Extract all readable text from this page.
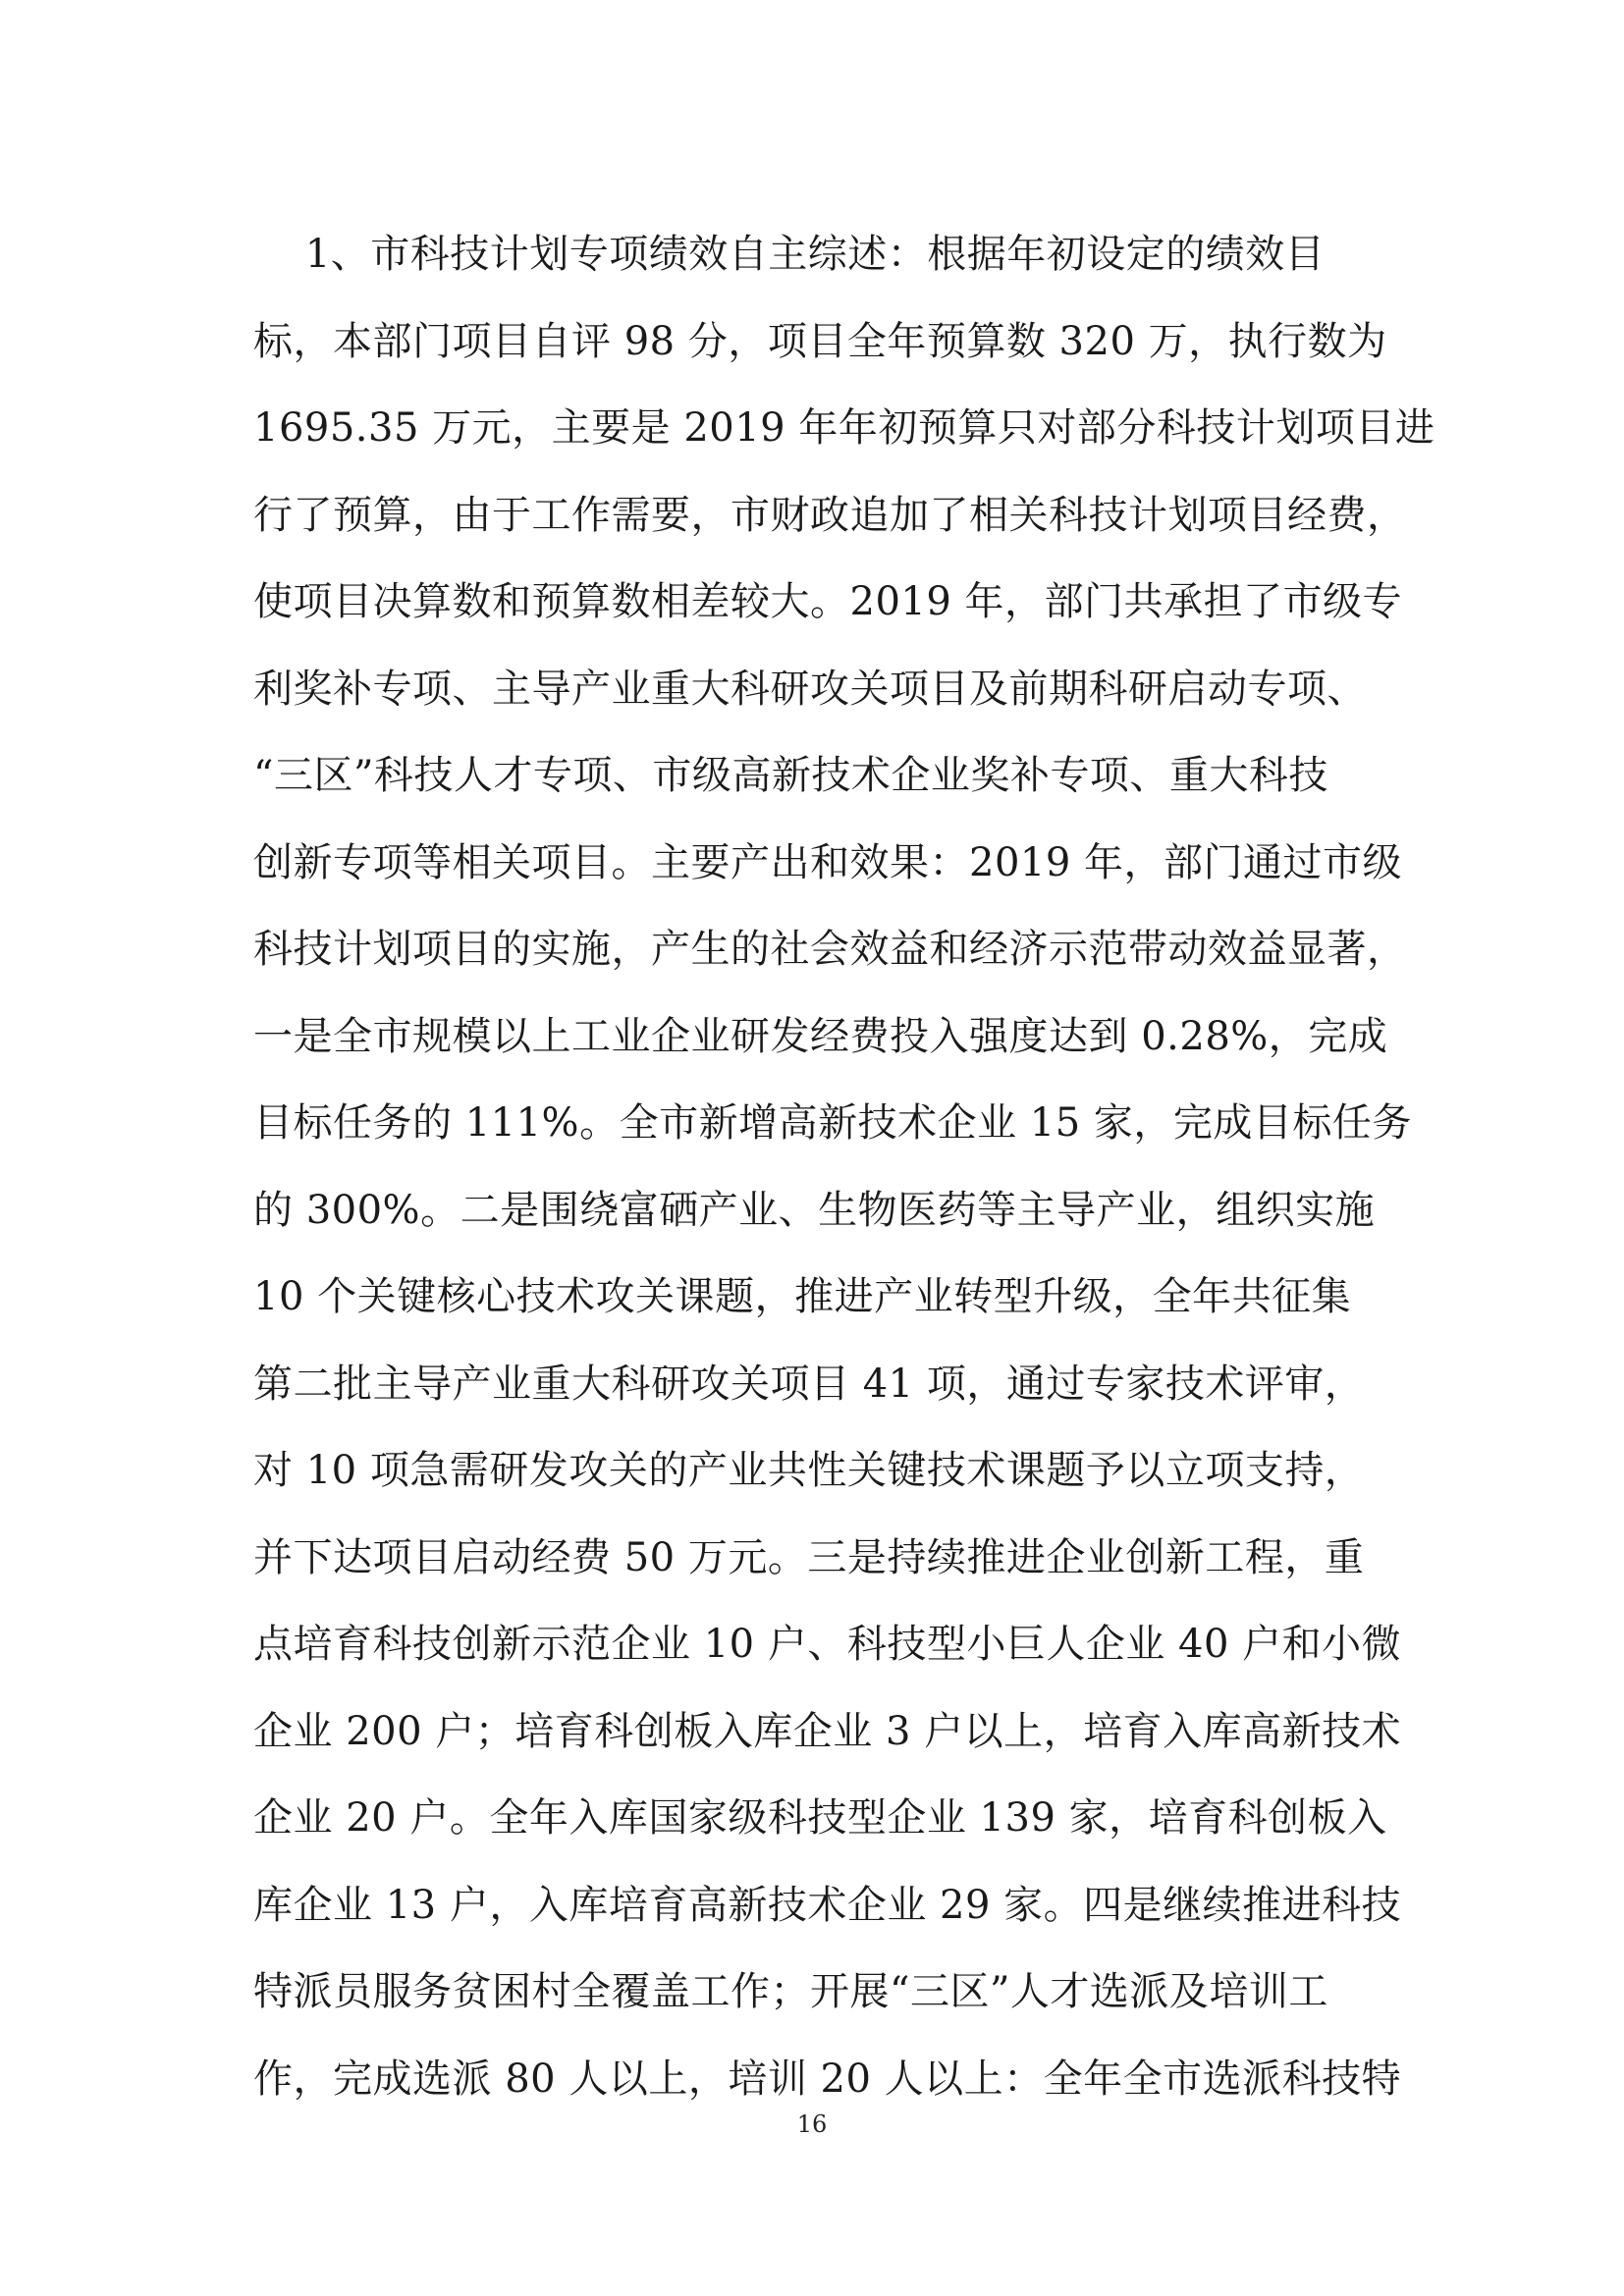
1、市科技计划专项绩效自主综述：根据年初设定的绩效目
标，本部门项目自评 98 分，项目全年预算数 320 万，执行数为
1695.35 万元，主要是 2019 年年初预算只对部分科技计划项目进
行了预算，由于工作需要，市财政追加了相关科技计划项目经费，
使项目决算数和预算数相差较大。2019 年，部门共承担了市级专
利奖补专项、主导产业重大科研攻关项目及前期科研启动专项、
“三区”科技人才专项、市级高新技术企业奖补专项、重大科技
创新专项等相关项目。主要产出和效果：2019 年，部门通过市级
科技计划项目的实施，产生的社会效益和经济示范带动效益显著，
一是全市规模以上工业企业研发经费投入强度达到 0.28%，完成
目标任务的 111%。全市新增高新技术企业 15 家，完成目标任务
的 300%。二是围绕富硒产业、生物医药等主导产业，组织实施
10 个关键核心技术攻关课题，推进产业转型升级，全年共征集
第二批主导产业重大科研攻关项目 41 项，通过专家技术评审，
对 10 项急需研发攻关的产业共性关键技术课题予以立项支持，
并下达项目启动经费 50 万元。三是持续推进企业创新工程，重
点培育科技创新示范企业 10 户、科技型小巨人企业 40 户和小微
企业 200 户；培育科创板入库企业 3 户以上，培育入库高新技术
企业 20 户。全年入库国家级科技型企业 139 家，培育科创板入
库企业 13 户，入库培育高新技术企业 29 家。四是继续推进科技
特派员服务贫困村全覆盖工作；开展“三区”人才选派及培训工
作，完成选派 80 人以上，培训 20 人以上：全年全市选派科技特
16
